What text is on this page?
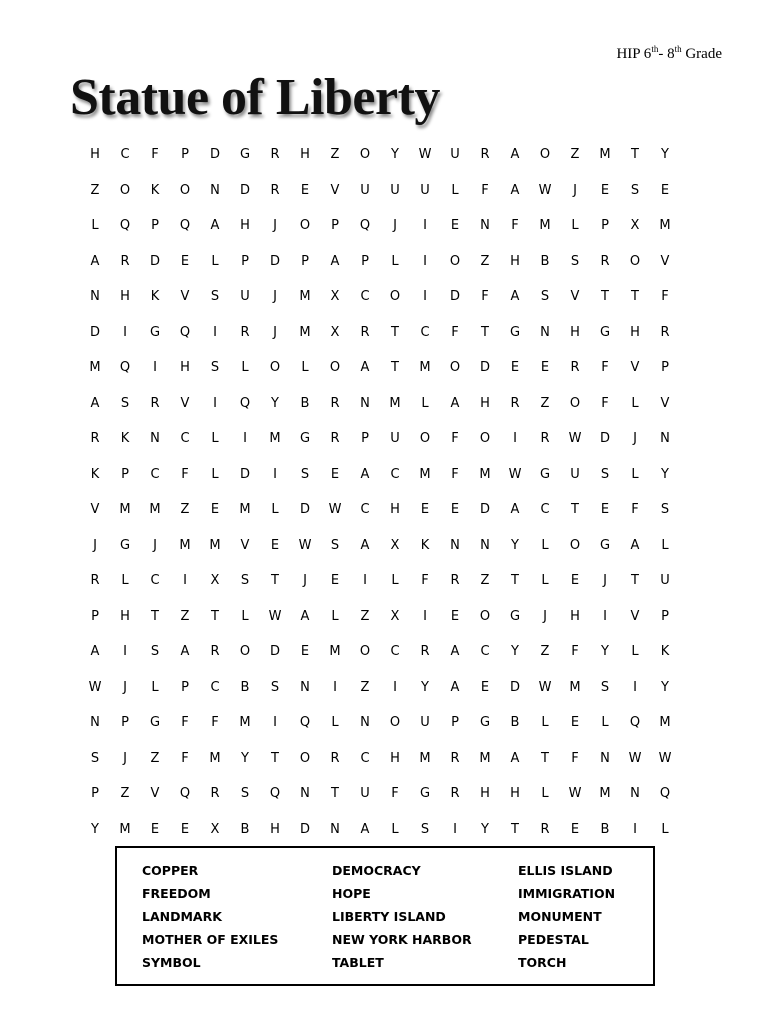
HIP 6th- 8th Grade
Statue of Liberty
H	C	F	P	D	G	R	H	Z	O	Y	W	U	R	A	O	Z	M	T	Y
Z	O	K	O	N	D	R	E	V	U	U	U	L	F	A	W	J	E	S	E
L	Q	P	Q	A	H	J	O	P	Q	J	I	E	N	F	M	L	P	X	M
A	R	D	E	L	P	D	P	A	P	L	I	O	Z	H	B	S	R	O	V
N	H	K	V	S	U	J	M	X	C	O	I	D	F	A	S	V	T	T	F
D	I	G	Q	I	R	J	M	X	R	T	C	F	T	G	N	H	G	H	R
M	Q	I	H	S	L	O	L	O	A	T	M	O	D	E	E	R	F	V	P
A	S	R	V	I	Q	Y	B	R	N	M	L	A	H	R	Z	O	F	L	V
R	K	N	C	L	I	M	G	R	P	U	O	F	O	I	R	W	D	J	N
K	P	C	F	L	D	I	S	E	A	C	M	F	M	W	G	U	S	L	Y
V	M	M	Z	E	M	L	D	W	C	H	E	E	D	A	C	T	E	F	S
J	G	J	M	M	V	E	W	S	A	X	K	N	N	Y	L	O	G	A	L
R	L	C	I	X	S	T	J	E	I	L	F	R	Z	T	L	E	J	T	U
P	H	T	Z	T	L	W	A	L	Z	X	I	E	O	G	J	H	I	V	P
A	I	S	A	R	O	D	E	M	O	C	R	A	C	Y	Z	F	Y	L	K
W	J	L	P	C	B	S	N	I	Z	I	Y	A	E	D	W	M	S	I	Y
N	P	G	F	F	M	I	Q	L	N	O	U	P	G	B	L	E	L	Q	M
S	J	Z	F	M	Y	T	O	R	C	H	M	R	M	A	T	F	N	W	W
P	Z	V	Q	R	S	Q	N	T	U	F	G	R	H	H	L	W	M	N	Q
Y	M	E	E	X	B	H	D	N	A	L	S	I	Y	T	R	E	B	I	L
COPPER	DEMOCRACY	ELLIS ISLAND
FREEDOM	HOPE	IMMIGRATION
LANDMARK	LIBERTY ISLAND	MONUMENT
MOTHER OF EXILES	NEW YORK HARBOR	PEDESTAL
SYMBOL	TABLET	TORCH
